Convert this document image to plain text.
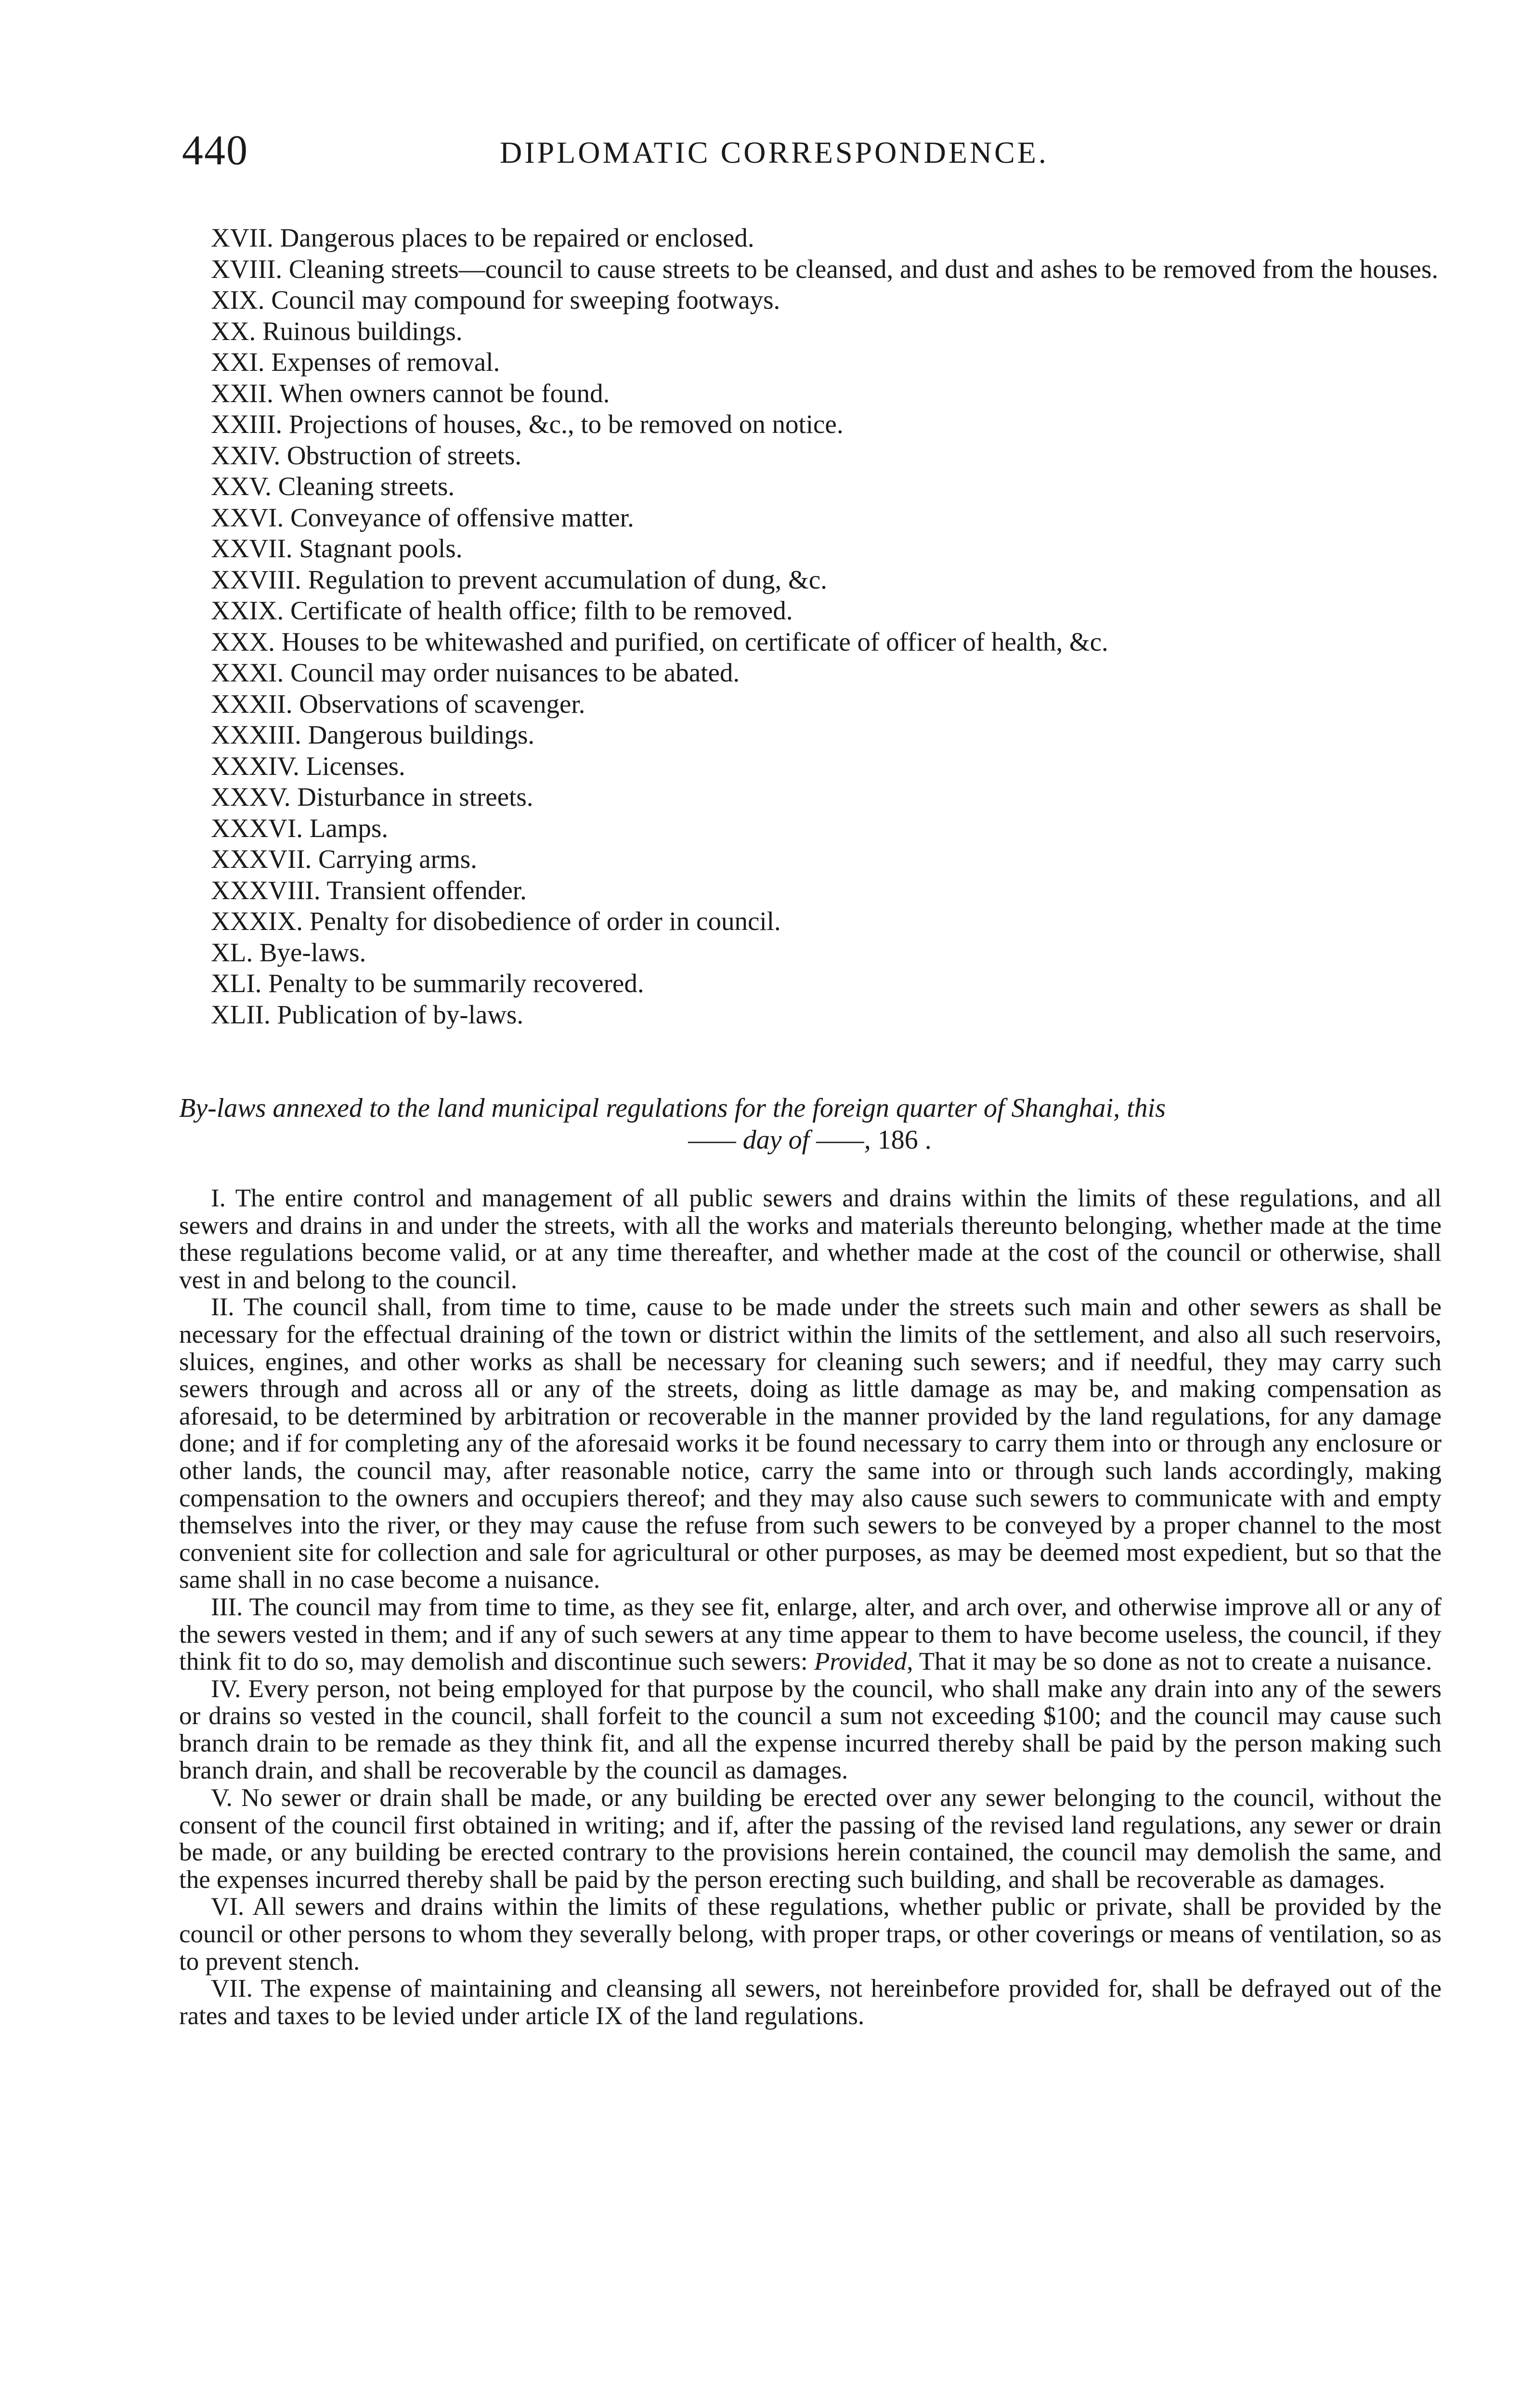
440	DIPLOMATIC CORRESPONDENCE.
XVII. Dangerous places to be repaired or enclosed.
XVIII. Cleaning streets—council to cause streets to be cleansed, and dust and ashes to be removed from the houses.
XIX. Council may compound for sweeping footways.
XX. Ruinous buildings.
XXI. Expenses of removal.
XXII. When owners cannot be found.
XXIII. Projections of houses, &c., to be removed on notice.
XXIV. Obstruction of streets.
XXV. Cleaning streets.
XXVI. Conveyance of offensive matter.
XXVII. Stagnant pools.
XXVIII. Regulation to prevent accumulation of dung, &c.
XXIX. Certificate of health office; filth to be removed.
XXX. Houses to be whitewashed and purified, on certificate of officer of health, &c.
XXXI. Council may order nuisances to be abated.
XXXII. Observations of scavenger.
XXXIII. Dangerous buildings.
XXXIV. Licenses.
XXXV. Disturbance in streets.
XXXVI. Lamps.
XXXVII. Carrying arms.
XXXVIII. Transient offender.
XXXIX. Penalty for disobedience of order in council.
XL. Bye-laws.
XLI. Penalty to be summarily recovered.
XLII. Publication of by-laws.
By-laws annexed to the land municipal regulations for the foreign quarter of Shanghai, this
—— day of ——, 186 .

I. The entire control and management of all public sewers and drains within the limits of these regulations, and all sewers and drains in and under the streets, with all the works and materials thereunto belonging, whether made at the time these regulations become valid, or at any time thereafter, and whether made at the cost of the council or otherwise, shall vest in and belong to the council.

II. The council shall, from time to time, cause to be made under the streets such main and other sewers as shall be necessary for the effectual draining of the town or district within the limits of the settlement, and also all such reservoirs, sluices, engines, and other works as shall be necessary for cleaning such sewers; and if needful, they may carry such sewers through and across all or any of the streets, doing as little damage as may be, and making compensation as aforesaid, to be determined by arbitration or recoverable in the manner provided by the land regulations, for any damage done; and if for completing any of the aforesaid works it be found necessary to carry them into or through any enclosure or other lands, the council may, after reasonable notice, carry the same into or through such lands accordingly, making compensation to the owners and occupiers thereof; and they may also cause such sewers to communicate with and empty themselves into the river, or they may cause the refuse from such sewers to be conveyed by a proper channel to the most convenient site for collection and sale for agricultural or other purposes, as may be deemed most expedient, but so that the same shall in no case become a nuisance.

III. The council may from time to time, as they see fit, enlarge, alter, and arch over, and otherwise improve all or any of the sewers vested in them; and if any of such sewers at any time appear to them to have become useless, the council, if they think fit to do so, may demolish and discontinue such sewers: Provided, That it may be so done as not to create a nuisance.

IV. Every person, not being employed for that purpose by the council, who shall make any drain into any of the sewers or drains so vested in the council, shall forfeit to the council a sum not exceeding $100; and the council may cause such branch drain to be remade as they think fit, and all the expense incurred thereby shall be paid by the person making such branch drain, and shall be recoverable by the council as damages.

V. No sewer or drain shall be made, or any building be erected over any sewer belonging to the council, without the consent of the council first obtained in writing; and if, after the passing of the revised land regulations, any sewer or drain be made, or any building be erected contrary to the provisions herein contained, the council may demolish the same, and the expenses incurred thereby shall be paid by the person erecting such building, and shall be recoverable as damages.

VI. All sewers and drains within the limits of these regulations, whether public or private, shall be provided by the council or other persons to whom they severally belong, with proper traps, or other coverings or means of ventilation, so as to prevent stench.

VII. The expense of maintaining and cleansing all sewers, not hereinbefore provided for, shall be defrayed out of the rates and taxes to be levied under article IX of the land regulations.
